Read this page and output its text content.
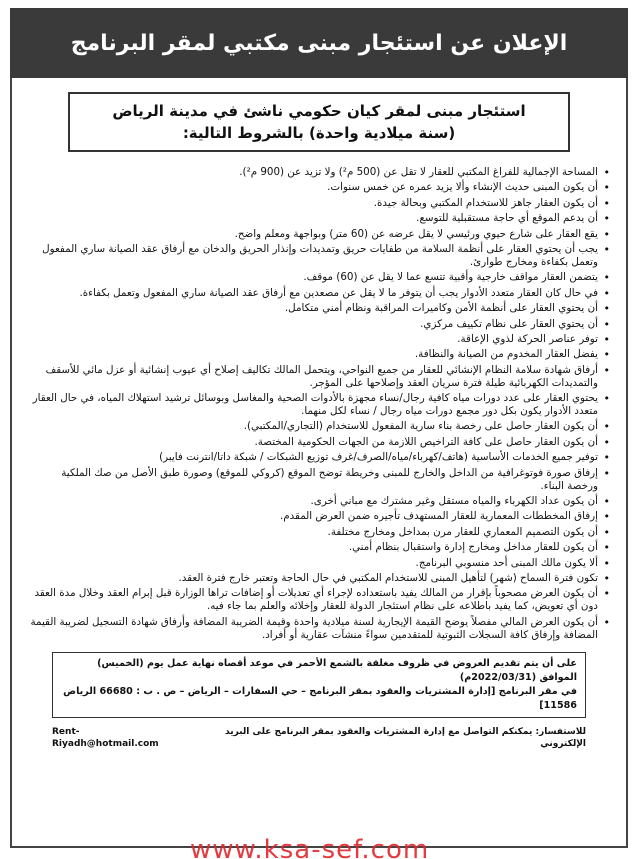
الإعلان عن استئجار مبنى مكتبي لمقر البرنامج

استئجار مبنى لمقر كيان حكومي ناشئ في مدينة الرياض

(سنة ميلادية واحدة) بالشروط التالية:

• المساحة الإجمالية للفراغ المكتبي للعقار لا تقل عن (500 م²) ولا تزيد عن (900 م²).
• أن يكون المبنى حديث الإنشاء وألا يزيد عمره عن خمس سنوات.
• أن يكون العقار جاهز للاستخدام المكتبي وبحالة جيدة.
• أن يدعم الموقع أي حاجة مستقبلية للتوسع.
• يقع العقار على شارع حيوي ورئيسي لا يقل عرضه عن (60 متر) وبواجهة ومعلم واضح.
• يجب أن يحتوي العقار على أنظمة السلامة من طفايات حريق وتمديدات وإنذار الحريق والدخان مع أرفاق عقد الصيانة ساري المفعول وتعمل بكفاءة ومخارج طوارئ.
• يتضمن العقار مواقف خارجية وأقبية تتسع عما لا يقل عن (60) موقف.
• في حال كان العقار متعدد الأدوار يجب أن يتوفر ما لا يقل عن مصعدين مع أرفاق عقد الصيانة ساري المفعول وتعمل بكفاءة.
• أن يحتوي العقار على أنظمة الأمن وكاميرات المراقبة ونظام أمني متكامل.
• أن يحتوي العقار على نظام تكييف مركزي.
• توفر عناصر الحركة لذوي الإعاقة.
• يفضل العقار المخدوم من الصيانة والنظافة.
• أرفاق شهادة سلامة النظام الإنشائي للعقار من جميع النواحي، ويتحمل المالك تكاليف إصلاح أي عيوب إنشائية أو عزل مائي للأسقف والتمديدات الكهربائية طيلة فترة سريان العقد وإصلاحها على المؤجر.
• يحتوي العقار على عدد دورات مياه كافية رجال/نساء مجهزة بالأدوات الصحية والمغاسل وبوسائل ترشيد استهلاك المياه، في حال العقار متعدد الأدوار يكون بكل دور مجمع دورات مياه رجال / نساء لكل منهما.
• أن يكون العقار حاصل على رخصة بناء سارية المفعول للاستخدام (التجاري/المكتبي).
• أن يكون العقار حاصل على كافة التراخيص اللازمة من الجهات الحكومية المختصة.
• توفير جميع الخدمات الأساسية (هاتف/كهرباء/مياه/الصرف/غرف توزيع الشبكات / شبكة داتا/انترنت فايبر)
• إرفاق صورة فوتوغرافية من الداخل والخارج للمبنى وخريطة توضح الموقع (كروكي للموقع) وصورة طبق الأصل من صك الملكية ورخصة البناء.
• أن يكون عداد الكهرباء والمياه مستقل وغير مشترك مع مباني أخرى.
• إرفاق المخططات المعمارية للعقار المستهدف تأجيره ضمن العرض المقدم.
• أن يكون التصميم المعماري للعقار مرن بمداخل ومخارج مختلفة.
• أن يكون للعقار مداخل ومخارج إدارة واستقبال بنظام أمني.
• ألا يكون مالك المبنى أحد منسوبي البرنامج.
• تكون فترة السماح (شهر) لتأهيل المبنى للاستخدام المكتبي في حال الحاجة وتعتبر خارج فترة العقد.
• أن يكون العرض مصحوباً بإقرار من المالك يفيد باستعداده لإجراء أي تعديلات أو إضافات تراها الوزارة قبل إبرام العقد وخلال مدة العقد دون أي تعويض، كما يفيد باطلاعه على نظام استئجار الدولة للعقار وإخلائه والعلم بما جاء فيه.
• أن يكون العرض المالي مفصلاً يوضح القيمة الإيجارية لسنة ميلادية واحدة وقيمة الضريبة المضافة وأرفاق شهادة التسجيل لضريبة القيمة المضافة وإرفاق كافة السجلات الثبوتية للمتقدمين سواءً منشآت عقارية أو أفراد.
على أن يتم تقديم العروض في ظروف مغلقة بالشمع الأحمر في موعد أقصاه نهاية عمل يوم (الخميس) الموافق (2022/03/31م)
في مقر البرنامج [إدارة المشتريات والعقود بمقر البرنامج – حي السفارات – الرياض – ص . ب : 66680 الرياض 11586]
للاستفسار: يمكنكم التواصل مع إدارة المشتريات والعقود بمقر البرنامج على البريد الإلكتروني
Rent-Riyadh@hotmail.com
www.ksa-sef.com
